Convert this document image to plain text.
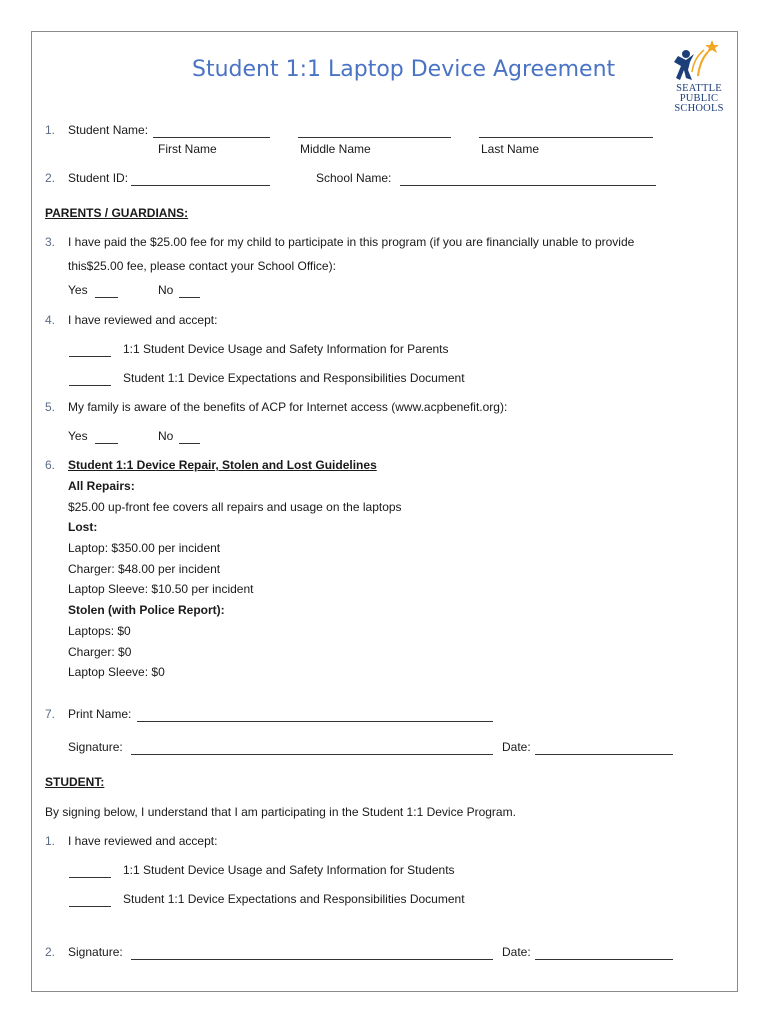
Student 1:1 Laptop Device Agreement
SEATTLE
PUBLIC
SCHOOLS
1. Student Name:
First Name	Middle Name	Last Name
2. Student ID:	School Name:
PARENTS / GUARDIANS:
3. I have paid the $25.00 fee for my child to participate in this program (if you are financially unable to provide
this$25.00 fee, please contact your School Office):
Yes	No
4. I have reviewed and accept:
1:1 Student Device Usage and Safety Information for Parents
Student 1:1 Device Expectations and Responsibilities Document
5. My family is aware of the benefits of ACP for Internet access (www.acpbenefit.org):
Yes	No
6. Student 1:1 Device Repair, Stolen and Lost Guidelines
All Repairs:
$25.00 up-front fee covers all repairs and usage on the laptops
Lost:
Laptop: $350.00 per incident
Charger: $48.00 per incident
Laptop Sleeve: $10.50 per incident
Stolen (with Police Report):
Laptops: $0
Charger: $0
Laptop Sleeve: $0
7. Print Name:
Signature:	Date:
STUDENT:
By signing below, I understand that I am participating in the Student 1:1 Device Program.
1. I have reviewed and accept:
1:1 Student Device Usage and Safety Information for Students
Student 1:1 Device Expectations and Responsibilities Document
2. Signature:	Date:
